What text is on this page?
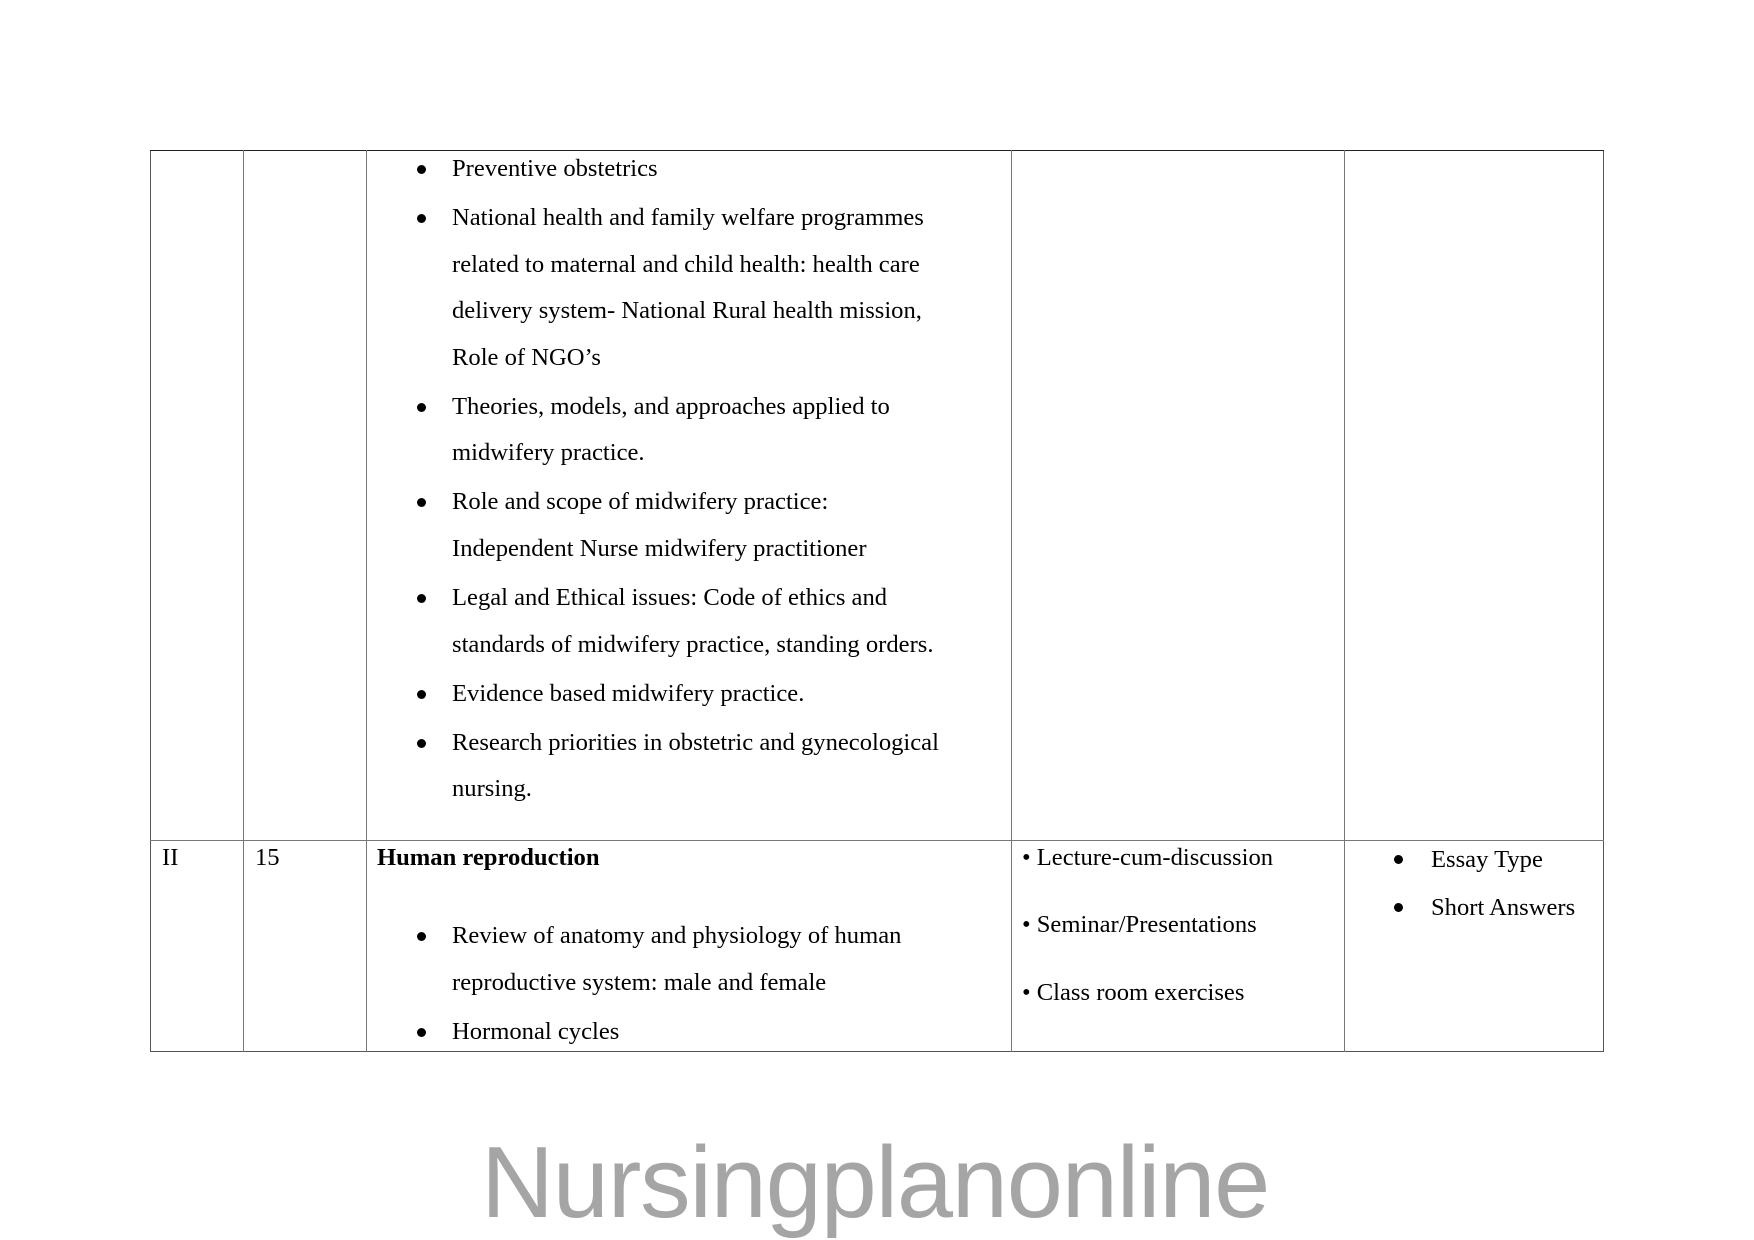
Preventive obstetrics
National health and family welfare programmes
related to maternal and child health: health care
delivery system- National Rural health mission,
Role of NGO’s
Theories, models, and approaches applied to
midwifery practice.
Role and scope of midwifery practice:
Independent Nurse midwifery practitioner
Legal and Ethical issues: Code of ethics and
standards of midwifery practice, standing orders.
Evidence based midwifery practice.
Research priorities in obstetric and gynecological
nursing.
II	15	Human reproduction
Review of anatomy and physiology of human
reproductive system: male and female
Hormonal cycles
• Lecture-cum-discussion
• Seminar/Presentations
• Class room exercises
Essay Type
Short Answers
Nursingplanonline
